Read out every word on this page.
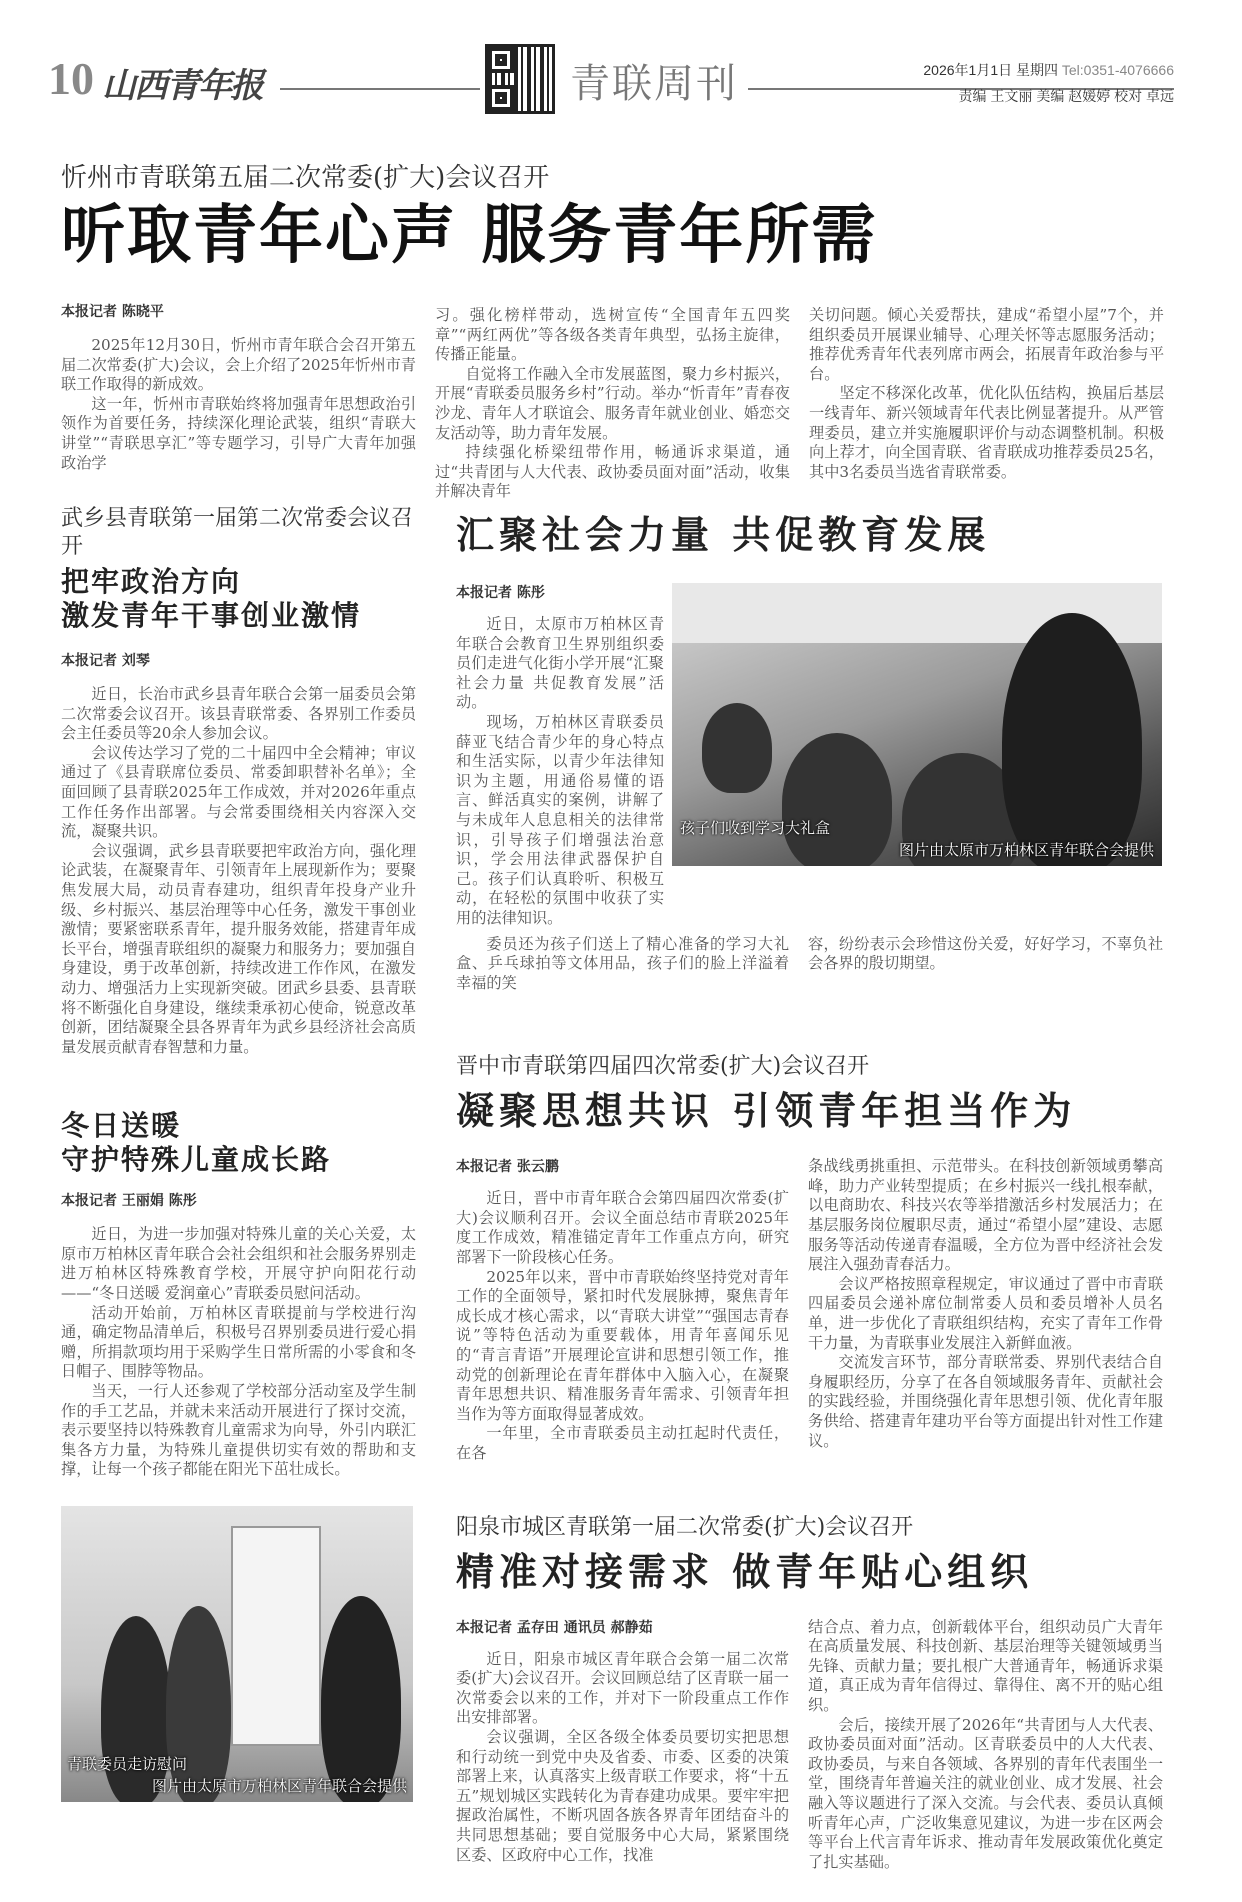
10 山西青年报	青联周刊	2026年1月1日 星期四 Tel:0351-4076666
责编 王文丽 美编 赵媛婷 校对 卓远
忻州市青联第五届二次常委(扩大)会议召开
听取青年心声 服务青年所需
本报记者 陈晓平

2025年12月30日，忻州市青年联合会召开第五届二次常委(扩大)会议，会上介绍了2025年忻州市青联工作取得的新成效。

这一年，忻州市青联始终将加强青年思想政治引领作为首要任务，持续深化理论武装，组织“青联大讲堂”“青联思享汇”等专题学习，引导广大青年加强政治学

习。强化榜样带动，选树宣传“全国青年五四奖章”“两红两优”等各级各类青年典型，弘扬主旋律，传播正能量。

自觉将工作融入全市发展蓝图，聚力乡村振兴，开展“青联委员服务乡村”行动。举办“忻青年”青春夜沙龙、青年人才联谊会、服务青年就业创业、婚恋交友活动等，助力青年发展。

持续强化桥梁纽带作用，畅通诉求渠道，通过“共青团与人大代表、政协委员面对面”活动，收集并解决青年

关切问题。倾心关爱帮扶，建成“希望小屋”7个，并组织委员开展课业辅导、心理关怀等志愿服务活动；推荐优秀青年代表列席市两会，拓展青年政治参与平台。

坚定不移深化改革，优化队伍结构，换届后基层一线青年、新兴领域青年代表比例显著提升。从严管理委员，建立并实施履职评价与动态调整机制。积极向上荐才，向全国青联、省青联成功推荐委员25名，其中3名委员当选省青联常委。

武乡县青联第一届第二次常委会议召开
把牢政治方向
激发青年干事创业激情
本报记者 刘琴

近日，长治市武乡县青年联合会第一届委员会第二次常委会议召开。该县青联常委、各界别工作委员会主任委员等20余人参加会议。

会议传达学习了党的二十届四中全会精神；审议通过了《县青联席位委员、常委卸职替补名单》；全面回顾了县青联2025年工作成效，并对2026年重点工作任务作出部署。与会常委围绕相关内容深入交流，凝聚共识。

会议强调，武乡县青联要把牢政治方向，强化理论武装，在凝聚青年、引领青年上展现新作为；要聚焦发展大局，动员青春建功，组织青年投身产业升级、乡村振兴、基层治理等中心任务，激发干事创业激情；要紧密联系青年，提升服务效能，搭建青年成长平台，增强青联组织的凝聚力和服务力；要加强自身建设，勇于改革创新，持续改进工作作风，在激发动力、增强活力上实现新突破。团武乡县委、县青联将不断强化自身建设，继续秉承初心使命，锐意改革创新，团结凝聚全县各界青年为武乡县经济社会高质量发展贡献青春智慧和力量。

冬日送暖
守护特殊儿童成长路
本报记者 王丽娟 陈彤

近日，为进一步加强对特殊儿童的关心关爱，太原市万柏林区青年联合会社会组织和社会服务界别走进万柏林区特殊教育学校，开展守护向阳花行动——“冬日送暖 爱润童心”青联委员慰问活动。

活动开始前，万柏林区青联提前与学校进行沟通，确定物品清单后，积极号召界别委员进行爱心捐赠，所捐款项均用于采购学生日常所需的小零食和冬日帽子、围脖等物品。

当天，一行人还参观了学校部分活动室及学生制作的手工艺品，并就未来活动开展进行了探讨交流，表示要坚持以特殊教育儿童需求为向导，外引内联汇集各方力量，为特殊儿童提供切实有效的帮助和支撑，让每一个孩子都能在阳光下茁壮成长。

青联委员走访慰问
图片由太原市万柏林区青年联合会提供
汇聚社会力量 共促教育发展
本报记者 陈彤

近日，太原市万柏林区青年联合会教育卫生界别组织委员们走进气化街小学开展“汇聚社会力量 共促教育发展”活动。

现场，万柏林区青联委员薛亚飞结合青少年的身心特点和生活实际，以青少年法律知识为主题，用通俗易懂的语言、鲜活真实的案例，讲解了与未成年人息息相关的法律常识，引导孩子们增强法治意识，学会用法律武器保护自己。孩子们认真聆听、积极互动，在轻松的氛围中收获了实用的法律知识。

孩子们收到学习大礼盒
图片由太原市万柏林区青年联合会提供

委员还为孩子们送上了精心准备的学习大礼盒、乒乓球拍等文体用品，孩子们的脸上洋溢着幸福的笑

容，纷纷表示会珍惜这份关爱，好好学习，不辜负社会各界的殷切期望。

晋中市青联第四届四次常委(扩大)会议召开
凝聚思想共识 引领青年担当作为
本报记者 张云鹏

近日，晋中市青年联合会第四届四次常委(扩大)会议顺利召开。会议全面总结市青联2025年度工作成效，精准锚定青年工作重点方向，研究部署下一阶段核心任务。

2025年以来，晋中市青联始终坚持党对青年工作的全面领导，紧扣时代发展脉搏，聚焦青年成长成才核心需求，以“青联大讲堂”“强国志青春说”等特色活动为重要载体，用青年喜闻乐见的“青言青语”开展理论宣讲和思想引领工作，推动党的创新理论在青年群体中入脑入心，在凝聚青年思想共识、精准服务青年需求、引领青年担当作为等方面取得显著成效。

一年里，全市青联委员主动扛起时代责任，在各

条战线勇挑重担、示范带头。在科技创新领域勇攀高峰，助力产业转型提质；在乡村振兴一线扎根奉献，以电商助农、科技兴农等举措激活乡村发展活力；在基层服务岗位履职尽责，通过“希望小屋”建设、志愿服务等活动传递青春温暖，全方位为晋中经济社会发展注入强劲青春活力。

会议严格按照章程规定，审议通过了晋中市青联四届委员会递补席位制常委人员和委员增补人员名单，进一步优化了青联组织结构，充实了青年工作骨干力量，为青联事业发展注入新鲜血液。

交流发言环节，部分青联常委、界别代表结合自身履职经历，分享了在各自领域服务青年、贡献社会的实践经验，并围绕强化青年思想引领、优化青年服务供给、搭建青年建功平台等方面提出针对性工作建议。

阳泉市城区青联第一届二次常委(扩大)会议召开
精准对接需求 做青年贴心组织
本报记者 孟存田 通讯员 郝静茹

近日，阳泉市城区青年联合会第一届二次常委(扩大)会议召开。会议回顾总结了区青联一届一次常委会以来的工作，并对下一阶段重点工作作出安排部署。

会议强调，全区各级全体委员要切实把思想和行动统一到党中央及省委、市委、区委的决策部署上来，认真落实上级青联工作要求，将“十五五”规划城区实践转化为青春建功成果。要牢牢把握政治属性，不断巩固各族各界青年团结奋斗的共同思想基础；要自觉服务中心大局，紧紧围绕区委、区政府中心工作，找准

结合点、着力点，创新载体平台，组织动员广大青年在高质量发展、科技创新、基层治理等关键领域勇当先锋、贡献力量；要扎根广大普通青年，畅通诉求渠道，真正成为青年信得过、靠得住、离不开的贴心组织。

会后，接续开展了2026年“共青团与人大代表、政协委员面对面”活动。区青联委员中的人大代表、政协委员，与来自各领域、各界别的青年代表围坐一堂，围绕青年普遍关注的就业创业、成才发展、社会融入等议题进行了深入交流。与会代表、委员认真倾听青年心声，广泛收集意见建议，为进一步在区两会等平台上代言青年诉求、推动青年发展政策优化奠定了扎实基础。
